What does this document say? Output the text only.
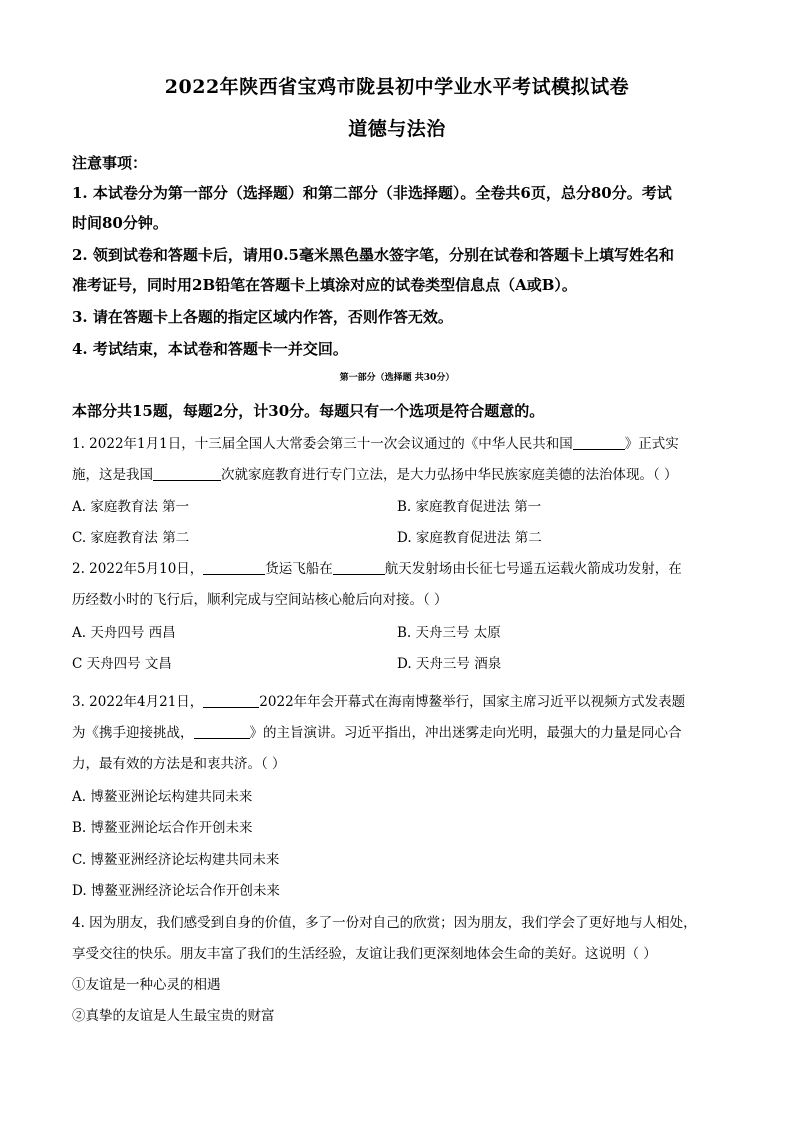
2022年陕西省宝鸡市陇县初中学业水平考试模拟试卷
道德与法治
注意事项：
1. 本试卷分为第一部分（选择题）和第二部分（非选择题）。全卷共6页，总分80分。考试
时间80分钟。
2. 领到试卷和答题卡后，请用0.5毫米黑色墨水签字笔，分别在试卷和答题卡上填写姓名和
准考证号，同时用2B铅笔在答题卡上填涂对应的试卷类型信息点（A或B）。
3. 请在答题卡上各题的指定区域内作答，否则作答无效。
4. 考试结束，本试卷和答题卡一并交回。
第一部分（选择题 共30分）
本部分共15题，每题2分，计30分。每题只有一个选项是符合题意的。
1. 2022年1月1日，十三届全国人大常委会第三十一次会议通过的《中华人民共和国	》正式实
施，这是我国	次就家庭教育进行专门立法，是大力弘扬中华民族家庭美德的法治体现。（ ）
A. 家庭教育法 第一	B. 家庭教育促进法 第一
C. 家庭教育法 第二	D. 家庭教育促进法 第二
2. 2022年5月10日，	货运飞船在	航天发射场由长征七号遥五运载火箭成功发射，在
历经数小时的飞行后，顺利完成与空间站核心舱后向对接。（ ）
A. 天舟四号 西昌	B. 天舟三号 太原
C 天舟四号 文昌	D. 天舟三号 酒泉
3. 2022年4月21日，	2022年年会开幕式在海南博鳌举行，国家主席习近平以视频方式发表题
为《携手迎接挑战，	》的主旨演讲。习近平指出，冲出迷雾走向光明，最强大的力量是同心合
力，最有效的方法是和衷共济。（ ）
A. 博鳌亚洲论坛构建共同未来
B. 博鳌亚洲论坛合作开创未来
C. 博鳌亚洲经济论坛构建共同未来
D. 博鳌亚洲经济论坛合作开创未来
4. 因为朋友，我们感受到自身的价值，多了一份对自己的欣赏；因为朋友，我们学会了更好地与人相处，
享受交往的快乐。朋友丰富了我们的生活经验，友谊让我们更深刻地体会生命的美好。这说明（ ）
①友谊是一种心灵的相遇
②真挚的友谊是人生最宝贵的财富
